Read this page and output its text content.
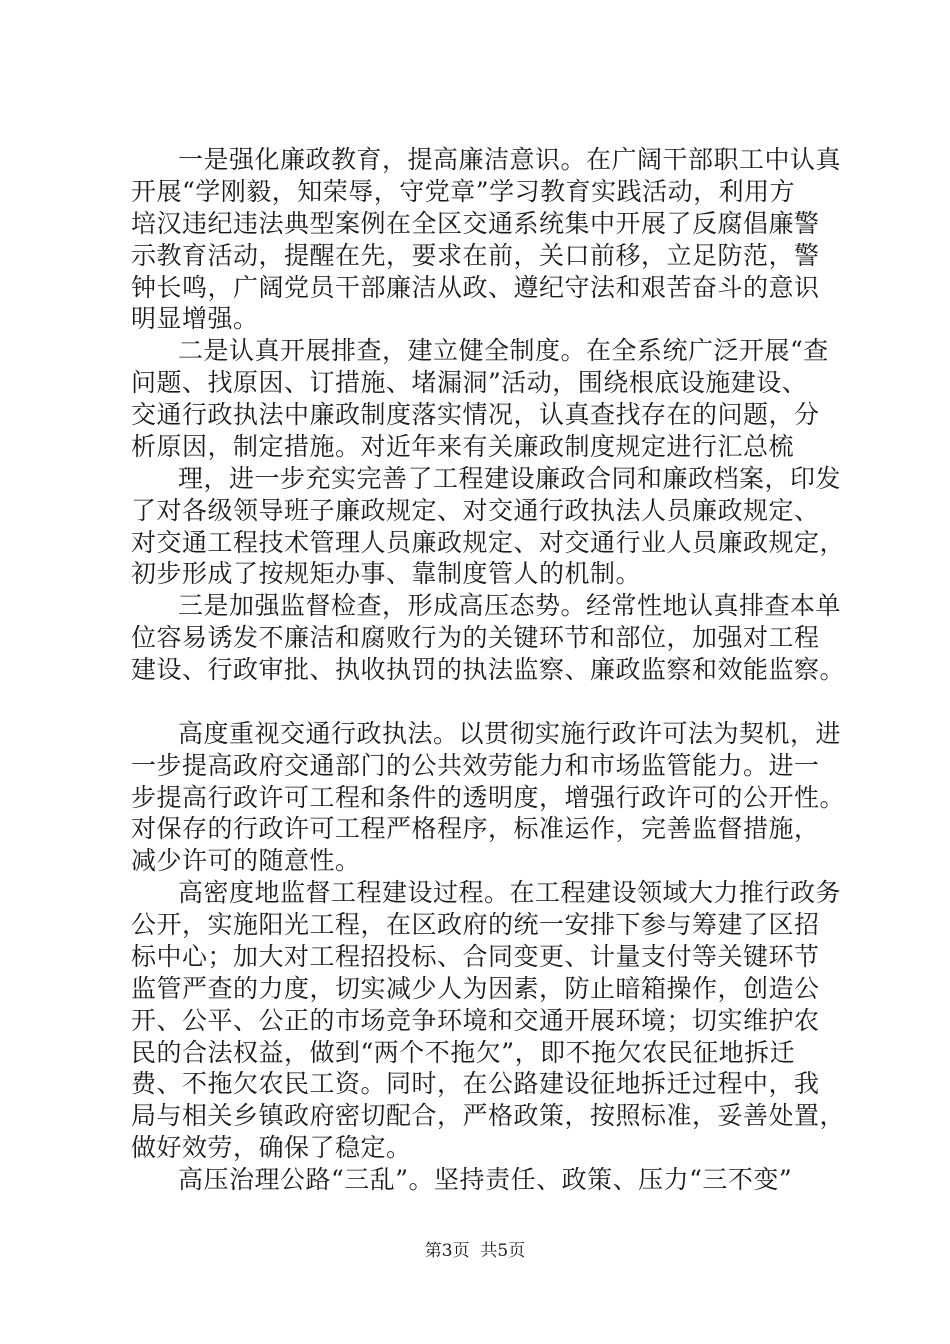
一是强化廉政教育，提高廉洁意识。在广阔干部职工中认真
开展“学刚毅，知荣辱，守党章”学习教育实践活动，利用方
培汉违纪违法典型案例在全区交通系统集中开展了反腐倡廉警
示教育活动，提醒在先，要求在前，关口前移，立足防范，警
钟长鸣，广阔党员干部廉洁从政、遵纪守法和艰苦奋斗的意识
明显增强。
二是认真开展排查，建立健全制度。在全系统广泛开展“查
问题、找原因、订措施、堵漏洞”活动，围绕根底设施建设、
交通行政执法中廉政制度落实情况，认真查找存在的问题，分
析原因，制定措施。对近年来有关廉政制度规定进行汇总梳
理，进一步充实完善了工程建设廉政合同和廉政档案，印发
了对各级领导班子廉政规定、对交通行政执法人员廉政规定、
对交通工程技术管理人员廉政规定、对交通行业人员廉政规定，
初步形成了按规矩办事、靠制度管人的机制。
三是加强监督检查，形成高压态势。经常性地认真排查本单
位容易诱发不廉洁和腐败行为的关键环节和部位，加强对工程
建设、行政审批、执收执罚的执法监察、廉政监察和效能监察。
高度重视交通行政执法。以贯彻实施行政许可法为契机，进
一步提高政府交通部门的公共效劳能力和市场监管能力。进一
步提高行政许可工程和条件的透明度，增强行政许可的公开性。
对保存的行政许可工程严格程序，标准运作，完善监督措施，
减少许可的随意性。
高密度地监督工程建设过程。在工程建设领域大力推行政务
公开，实施阳光工程，在区政府的统一安排下参与筹建了区招
标中心；加大对工程招投标、合同变更、计量支付等关键环节
监管严查的力度，切实减少人为因素，防止暗箱操作，创造公
开、公平、公正的市场竞争环境和交通开展环境；切实维护农
民的合法权益，做到“两个不拖欠”，即不拖欠农民征地拆迁
费、不拖欠农民工资。同时，在公路建设征地拆迁过程中，我
局与相关乡镇政府密切配合，严格政策，按照标准，妥善处置，
做好效劳，确保了稳定。
高压治理公路“三乱”。坚持责任、政策、压力“三不变”
第3页  共5页
